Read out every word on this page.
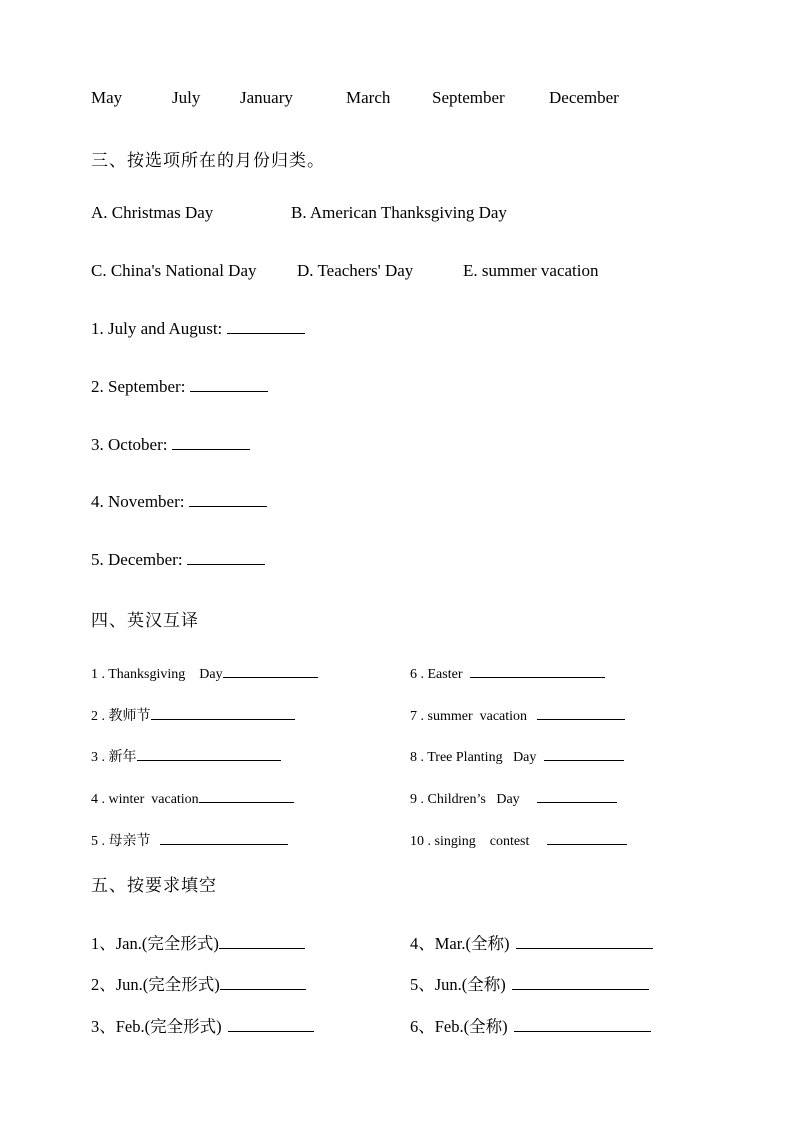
May	July January	March September	December
三、按选项所在的月份归类。
A. Christmas Day	B. American Thanksgiving Day
C. China's National Day D. Teachers' Day	E. summer vacation
1. July and August:
2. September:
3. October:
4. November:
5. December:
四、英汉互译
1 . Thanksgiving    Day
2 . 教师节
3 . 新年
4 . winter  vacation
5 . 母亲节
6 . Easter
7 . summer  vacation
8 . Tree Planting   Day
9 . Children’s   Day
10 . singing    contest
五、按要求填空
1、Jan.(完全形式)
2、Jun.(完全形式)
3、Feb.(完全形式)
4、Mar.(全称)
5、Jun.(全称)
6、Feb.(全称)
